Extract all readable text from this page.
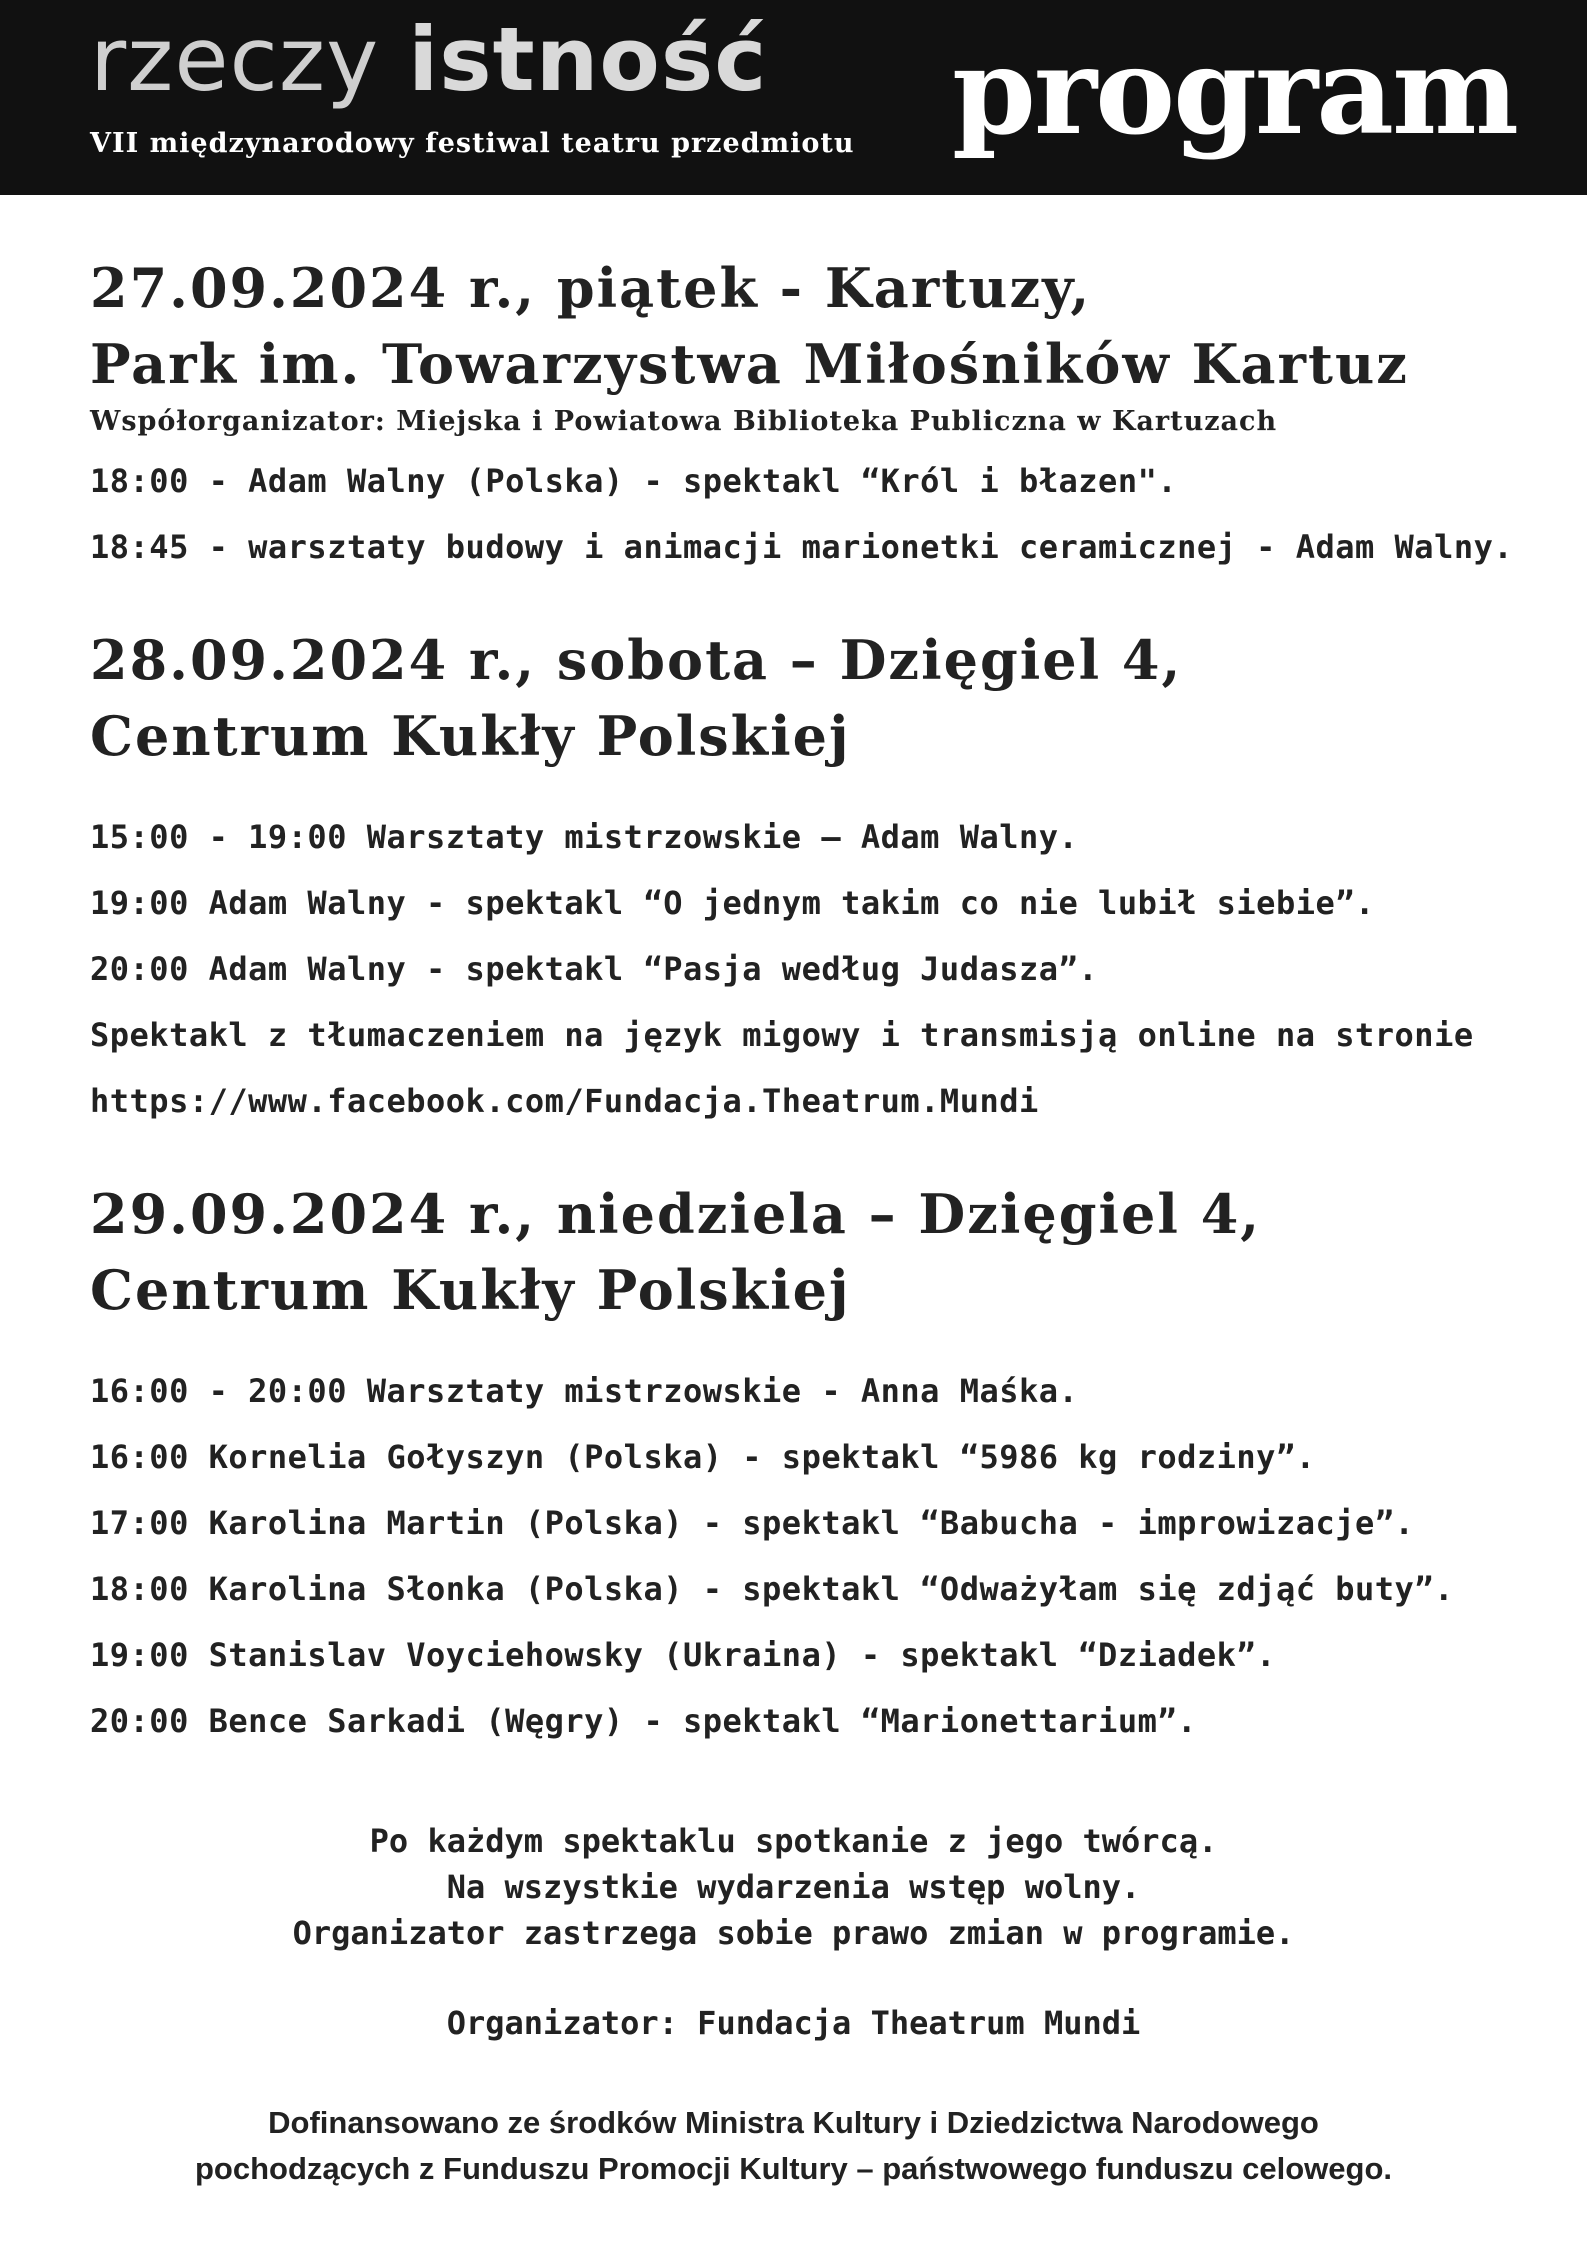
rzeczy istność
VII międzynarodowy festiwal teatru przedmiotu program

27.09.2024 r., piątek - Kartuzy,

Park im. Towarzystwa Miłośników Kartuz

Współorganizator: Miejska i Powiatowa Biblioteka Publiczna w Kartuzach

18:00 - Adam Walny (Polska) - spektakl “Król i błazen".

18:45 - warsztaty budowy i animacji marionetki ceramicznej - Adam Walny.

28.09.2024 r., sobota – Dzięgiel 4,

Centrum Kukły Polskiej

15:00 - 19:00 Warsztaty mistrzowskie – Adam Walny.

19:00 Adam Walny - spektakl “O jednym takim co nie lubił siebie”.

20:00 Adam Walny - spektakl “Pasja według Judasza”.

Spektakl z tłumaczeniem na język migowy i transmisją online na stronie

https://www.facebook.com/Fundacja.Theatrum.Mundi

29.09.2024 r., niedziela – Dzięgiel 4,

Centrum Kukły Polskiej

16:00 - 20:00 Warsztaty mistrzowskie - Anna Maśka.

16:00 Kornelia Gołyszyn (Polska) - spektakl “5986 kg rodziny”.

17:00 Karolina Martin (Polska) - spektakl “Babucha - improwizacje”.

18:00 Karolina Słonka (Polska) - spektakl “Odważyłam się zdjąć buty”.

19:00 Stanislav Voyciehowsky (Ukraina) - spektakl “Dziadek”.

20:00 Bence Sarkadi (Węgry) - spektakl “Marionettarium”.

Po każdym spektaklu spotkanie z jego twórcą.

Na wszystkie wydarzenia wstęp wolny.

Organizator zastrzega sobie prawo zmian w programie.

Organizator: Fundacja Theatrum Mundi

Dofinansowano ze środków Ministra Kultury i Dziedzictwa Narodowego

pochodzących z Funduszu Promocji Kultury – państwowego funduszu celowego.
